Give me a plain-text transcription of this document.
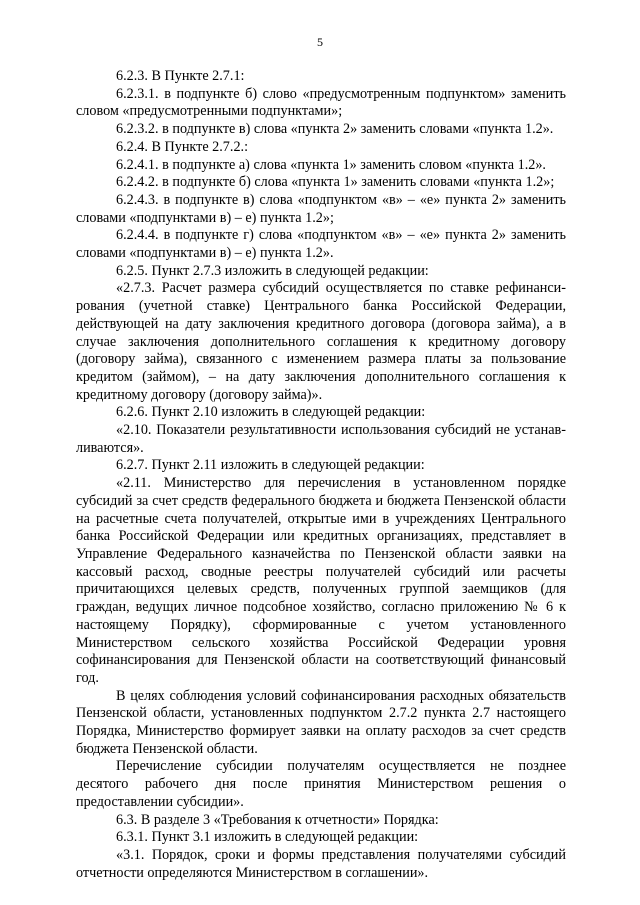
5

6.2.3. В Пункте 2.7.1:

6.2.3.1. в подпункте б) слово «предусмотренным подпунктом» заменить словом «предусмотренными подпунктами»;

6.2.3.2. в подпункте в) слова «пункта 2» заменить словами «пункта 1.2».

6.2.4. В Пункте 2.7.2.:

6.2.4.1. в подпункте а) слова «пункта 1» заменить словом «пункта 1.2».

6.2.4.2. в подпункте б) слова «пункта 1» заменить словами «пункта 1.2»;

6.2.4.3. в подпункте в) слова «подпунктом «в» – «е» пункта 2» заменить словами «подпунктами в) – е) пункта 1.2»;

6.2.4.4. в подпункте г) слова «подпунктом «в» – «е» пункта 2» заменить словами «подпунктами в) – е) пункта 1.2».

6.2.5. Пункт 2.7.3 изложить в следующей редакции:

«2.7.3. Расчет размера субсидий осуществляется по ставке рефинанси-рования (учетной ставке) Центрального банка Российской Федерации, действующей на дату заключения кредитного договора (договора займа), а в случае заключения дополнительного соглашения к кредитному договору (договору займа), связанного с изменением размера платы за пользование кредитом (займом), – на дату заключения дополнительного соглашения к кредитному договору (договору займа)».

6.2.6. Пункт 2.10 изложить в следующей редакции:

«2.10. Показатели результативности использования субсидий не устанав-ливаются».

6.2.7. Пункт 2.11 изложить в следующей редакции:

«2.11. Министерство для перечисления в установленном порядке субсидий за счет средств федерального бюджета и бюджета Пензенской области на расчетные счета получателей, открытые ими в учреждениях Центрального банка Российской Федерации или кредитных организациях, представляет в Управление Федерального казначейства по Пензенской области заявки на кассовый расход, сводные реестры получателей субсидий или расчеты причитающихся целевых средств, полученных группой заемщиков (для граждан, ведущих личное подсобное хозяйство, согласно приложению № 6 к настоящему Порядку), сформированные с учетом установленного Министерством сельского хозяйства Российской Федерации уровня софинансирования для Пензенской области на соответствующий финансовый год.

В целях соблюдения условий софинансирования расходных обязательств Пензенской области, установленных подпунктом 2.7.2 пункта 2.7 настоящего Порядка, Министерство формирует заявки на оплату расходов за счет средств бюджета Пензенской области.

Перечисление субсидии получателям осуществляется не позднее десятого рабочего дня после принятия Министерством решения о предоставлении субсидии».

6.3. В разделе 3 «Требования к отчетности» Порядка:

6.3.1. Пункт 3.1 изложить в следующей редакции:

«3.1. Порядок, сроки и формы представления получателями субсидий отчетности определяются Министерством в соглашении».
